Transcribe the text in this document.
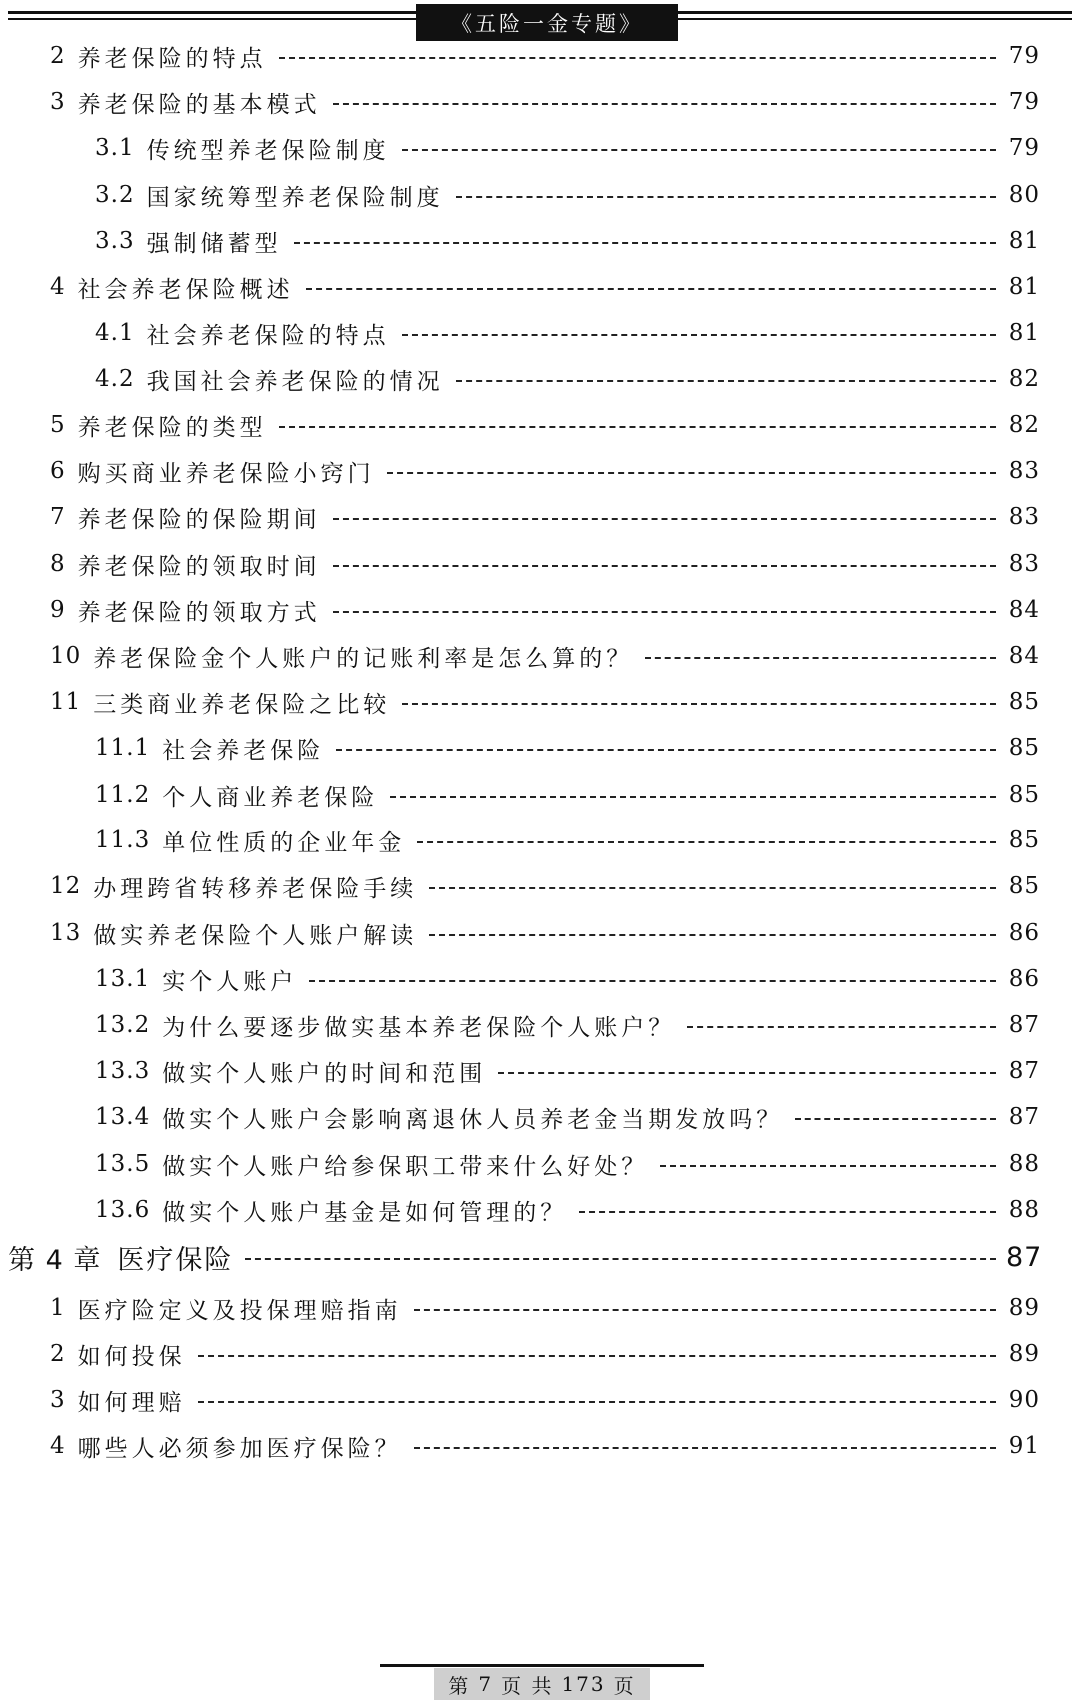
《五险一金专题》
2 养老保险的特点	79
3 养老保险的基本模式	79
3.1 传统型养老保险制度	79
3.2 国家统筹型养老保险制度	80
3.3 强制储蓄型	81
4 社会养老保险概述	81
4.1 社会养老保险的特点	81
4.2 我国社会养老保险的情况	82
5 养老保险的类型	82
6 购买商业养老保险小窍门	83
7 养老保险的保险期间	83
8 养老保险的领取时间	83
9 养老保险的领取方式	84
10 养老保险金个人账户的记账利率是怎么算的？	84
11 三类商业养老保险之比较	85
11.1 社会养老保险	85
11.2 个人商业养老保险	85
11.3 单位性质的企业年金	85
12 办理跨省转移养老保险手续	85
13 做实养老保险个人账户解读	86
13.1 实个人账户	86
13.2 为什么要逐步做实基本养老保险个人账户？	87
13.3 做实个人账户的时间和范围	87
13.4 做实个人账户会影响离退休人员养老金当期发放吗？	87
13.5 做实个人账户给参保职工带来什么好处？	88
13.6 做实个人账户基金是如何管理的？	88
第 4 章 医疗保险	87
1 医疗险定义及投保理赔指南	89
2 如何投保	89
3 如何理赔	90
4 哪些人必须参加医疗保险？	91
第 7 页 共 173 页
